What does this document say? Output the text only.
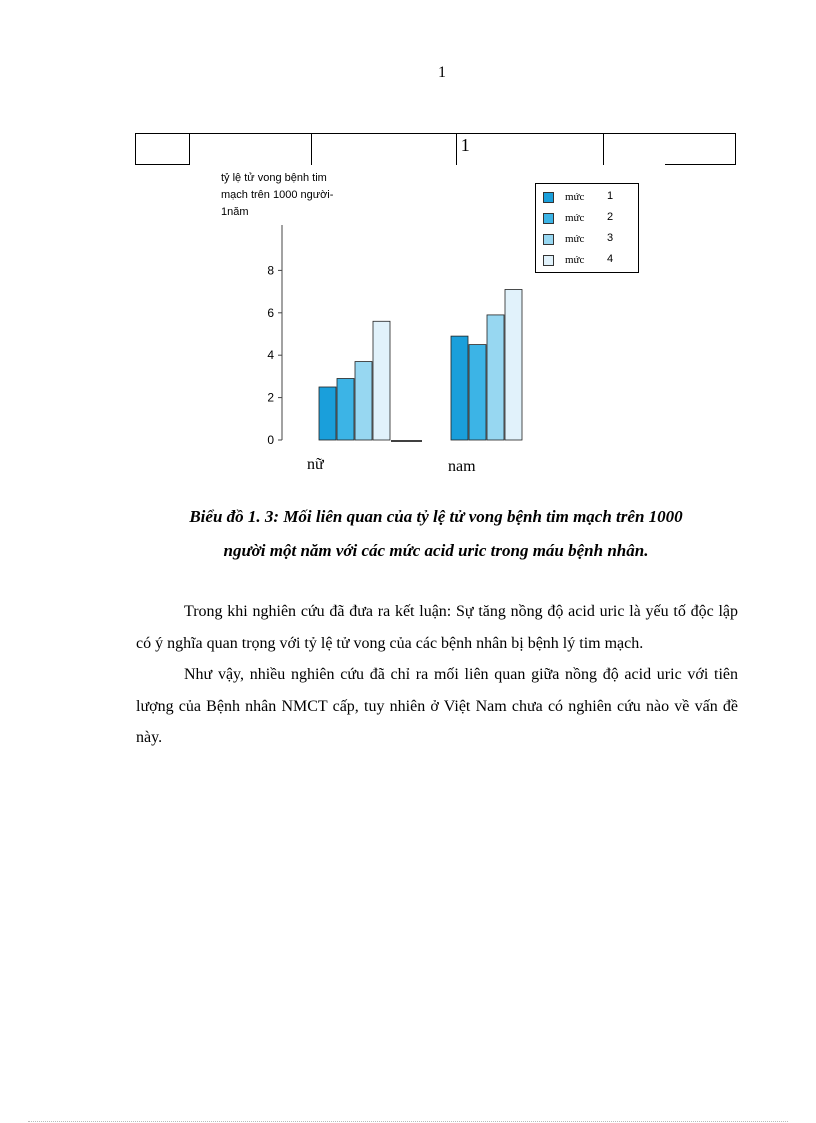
1
			1	
tỷ lệ tử vong bệnh tim
mạch trên 1000 người-
1năm
0
2
4
6
8
mức 1
mức 2
mức 3
mức 4
nữ	nam
Biểu đồ 1. 3: Mối liên quan của tỷ lệ tử vong bệnh tim mạch trên 1000
người một năm với các mức acid uric trong máu bệnh nhân.

Trong khi nghiên cứu đã đưa ra kết luận: Sự tăng nồng độ acid uric là yếu tố độc lập có ý nghĩa quan trọng với tỷ lệ tử vong của các bệnh nhân bị bệnh lý tim mạch.

Như vậy, nhiều nghiên cứu đã chỉ ra mối liên quan giữa nồng độ acid uric với tiên lượng của Bệnh nhân NMCT cấp, tuy nhiên ở Việt Nam chưa có nghiên cứu nào về vấn đề này.
